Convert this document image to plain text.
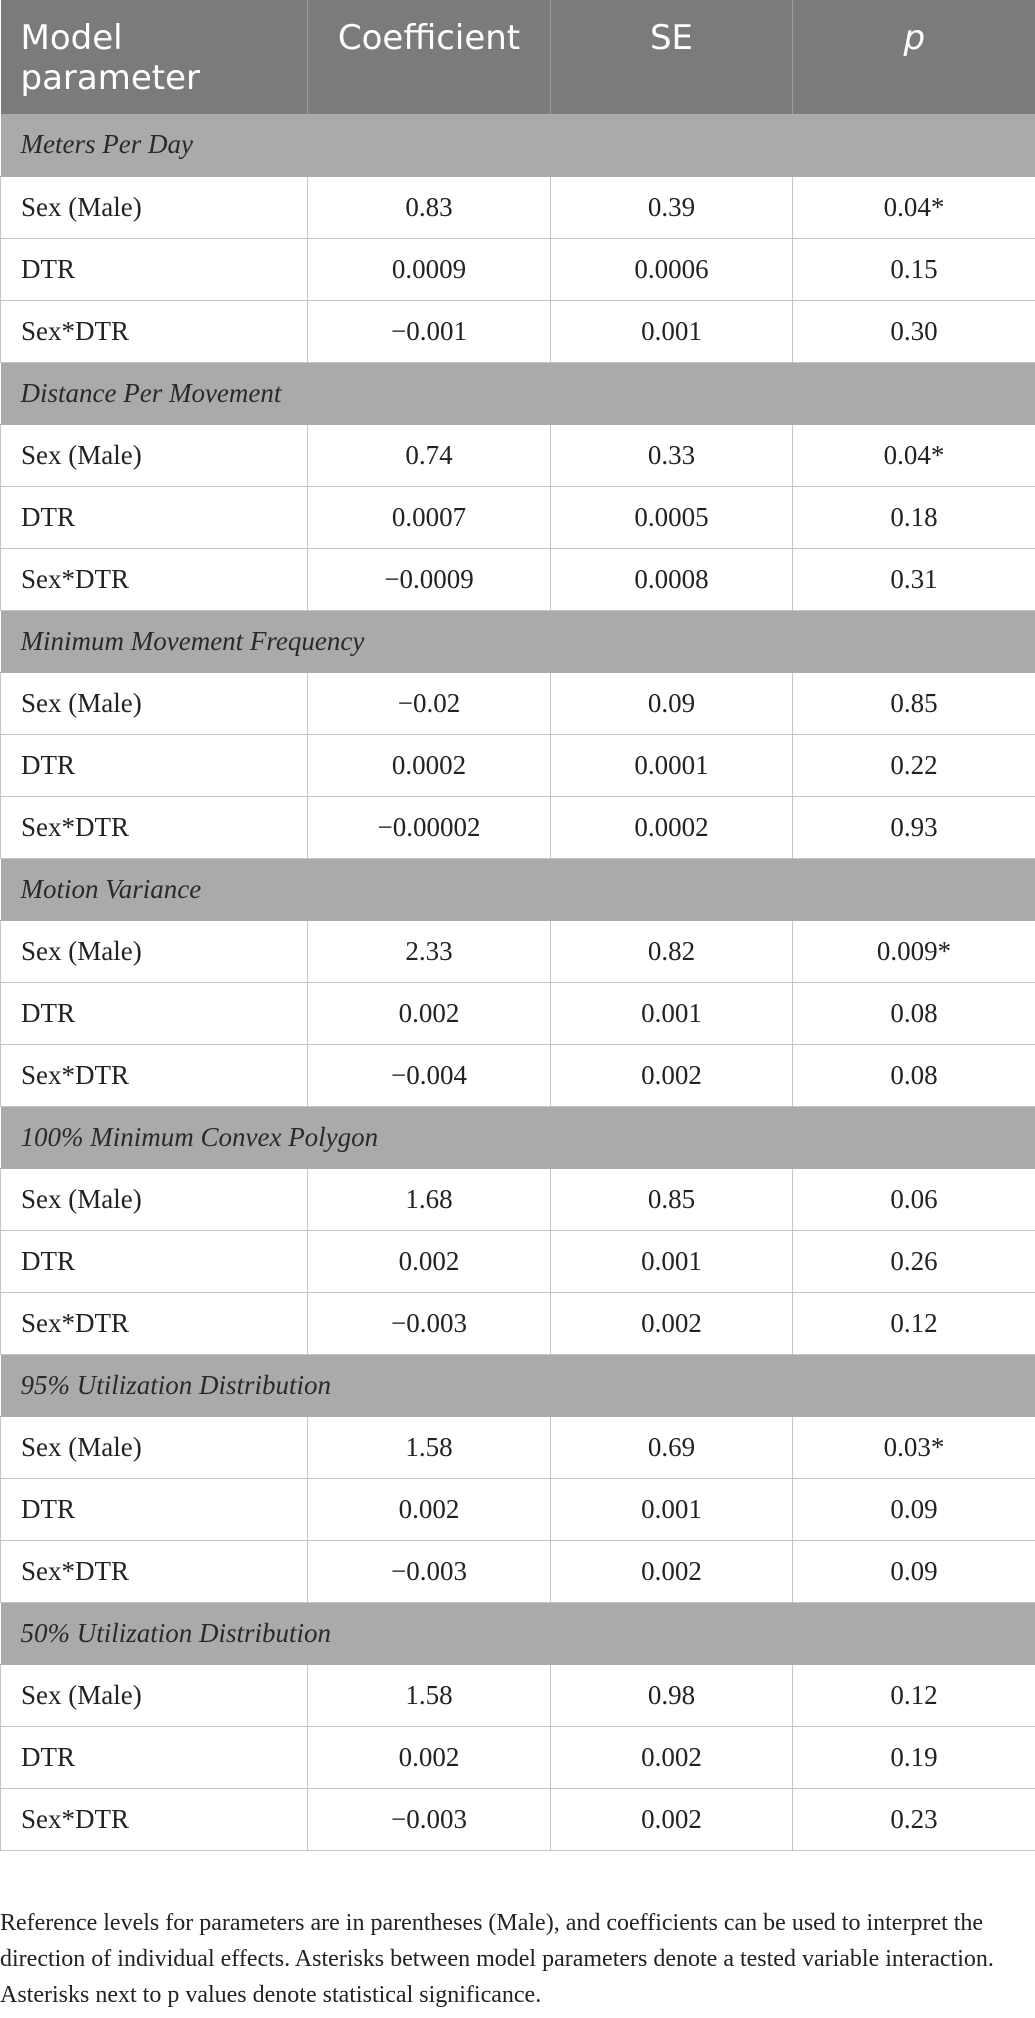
Model parameter	Coefficient	SE	p
Meters Per Day			
Sex (Male)	0.83	0.39	0.04*
DTR	0.0009	0.0006	0.15
Sex*DTR	−0.001	0.001	0.30
Distance Per Movement			
Sex (Male)	0.74	0.33	0.04*
DTR	0.0007	0.0005	0.18
Sex*DTR	−0.0009	0.0008	0.31
Minimum Movement Frequency			
Sex (Male)	−0.02	0.09	0.85
DTR	0.0002	0.0001	0.22
Sex*DTR	−0.00002	0.0002	0.93
Motion Variance			
Sex (Male)	2.33	0.82	0.009*
DTR	0.002	0.001	0.08
Sex*DTR	−0.004	0.002	0.08
100% Minimum Convex Polygon			
Sex (Male)	1.68	0.85	0.06
DTR	0.002	0.001	0.26
Sex*DTR	−0.003	0.002	0.12
95% Utilization Distribution			
Sex (Male)	1.58	0.69	0.03*
DTR	0.002	0.001	0.09
Sex*DTR	−0.003	0.002	0.09
50% Utilization Distribution			
Sex (Male)	1.58	0.98	0.12
DTR	0.002	0.002	0.19
Sex*DTR	−0.003	0.002	0.23

Reference levels for parameters are in parentheses (Male), and coefficients can be used to interpret the direction of individual effects. Asterisks between model parameters denote a tested variable interaction. Asterisks next to p values denote statistical significance.
